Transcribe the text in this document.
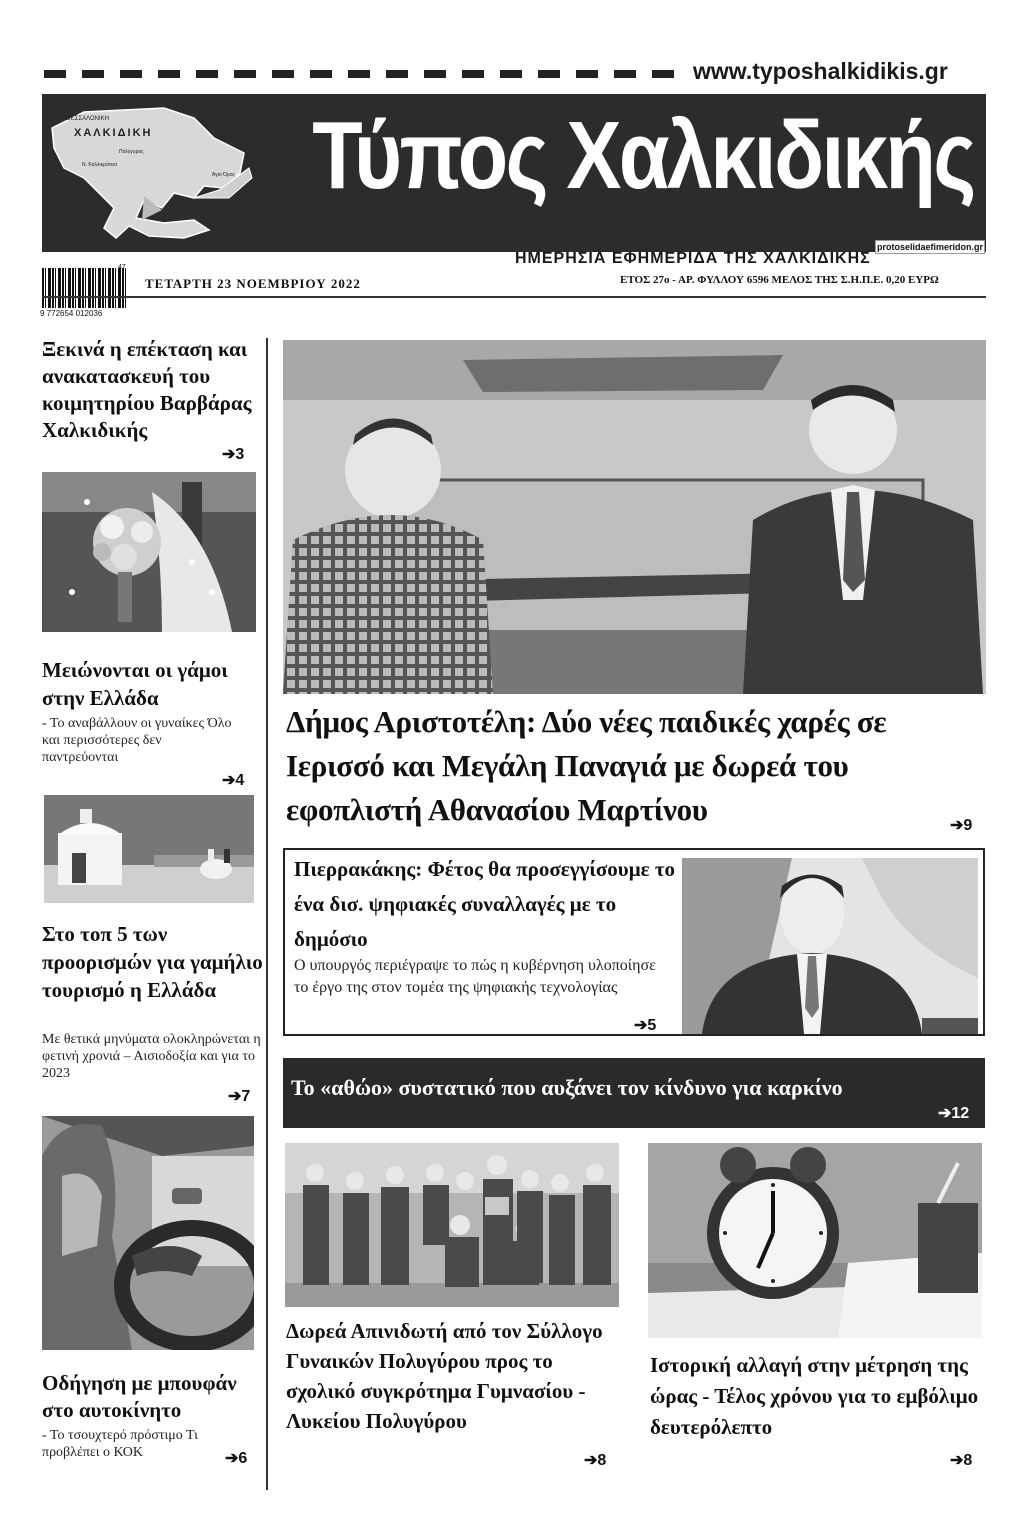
www.typoshalkidikis.gr
ΘΕΣΣΑΛΟΝΙΚΗ
ΧΑΛΚΙΔΙΚΗ
Πολύγυρος
Ν. Καλλικράτεια
Άγιο Όρος Τύπος Χαλκιδικής
ΗΜΕΡΗΣΙΑ ΕΦΗΜΕΡΙΔΑ ΤΗΣ ΧΑΛΚΙΔΙΚΗΣ
protoselidaefimeridon.gr
47
9 772654 012036
ΤΕΤΑΡΤΗ 23 ΝΟΕΜΒΡΙΟΥ 2022	ΕΤΟΣ 27ο - ΑΡ. ΦΥΛΛΟΥ 6596 ΜΕΛΟΣ ΤΗΣ Σ.Η.Π.Ε. 0,20 ΕΥΡΩ
Ξεκινά η επέκταση και ανακατασκευή του κοιμητηρίου Βαρβάρας Χαλκιδικής
➔3
Μειώνονται οι γάμοι στην Ελλάδα
- Το αναβάλλουν οι γυναίκες Όλο και περισσότερες δεν παντρεύονται
➔4
Στο τοπ 5 των προορισμών για γαμήλιο τουρισμό η Ελλάδα
Με θετικά μηνύματα ολοκληρώνεται η φετινή χρονιά – Αισιοδοξία και για το 2023
➔7
Οδήγηση με μπουφάν στο αυτοκίνητο
- Το τσουχτερό πρόστιμο Τι προβλέπει ο ΚΟΚ	➔6
Δήμος Αριστοτέλη: Δύο νέες παιδικές χαρές σε Ιερισσό και Μεγάλη Παναγιά με δωρεά του εφοπλιστή Αθανασίου Μαρτίνου	➔9
Πιερρακάκης: Φέτος θα προσεγγίσουμε το ένα δισ. ψηφιακές συναλλαγές με το δημόσιο
Ο υπουργός περιέγραψε το πώς η κυβέρνηση υλοποίησε το έργο της στον τομέα της ψηφιακής τεχνολογίας
➔5
Το «αθώο» συστατικό που αυξάνει τον κίνδυνο για καρκίνο
➔12
Δωρεά Απινιδωτή από τον Σύλλογο Γυναικών Πολυγύρου προς το σχολικό συγκρότημα Γυμνασίου - Λυκείου Πολυγύρου
➔8
Ιστορική αλλαγή στην μέτρηση της ώρας - Τέλος χρόνου για το εμβόλιμο δευτερόλεπτο
➔8
